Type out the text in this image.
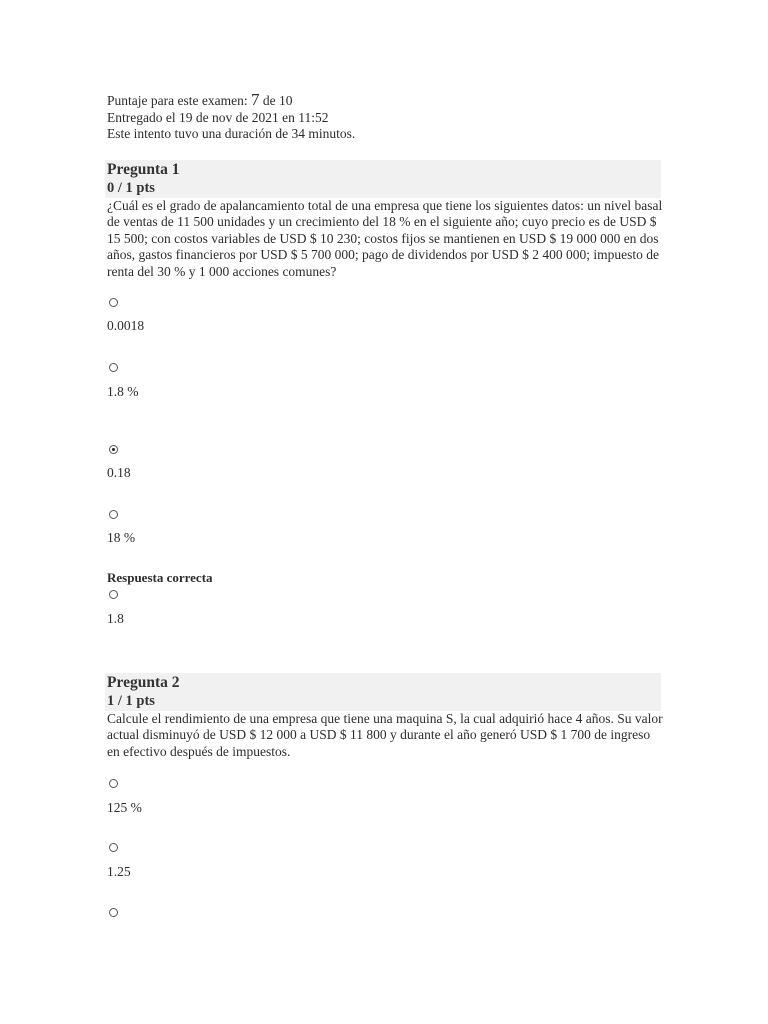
Puntaje para este examen: 7 de 10
Entregado el 19 de nov de 2021 en 11:52
Este intento tuvo una duración de 34 minutos.
Pregunta 1
0 / 1 pts
¿Cuál es el grado de apalancamiento total de una empresa que tiene los siguientes datos: un nivel basal de ventas de 11 500 unidades y un crecimiento del 18 % en el siguiente año; cuyo precio es de USD $ 15 500; con costos variables de USD $ 10 230; costos fijos se mantienen en USD $ 19 000 000 en dos años, gastos financieros por USD $ 5 700 000; pago de dividendos por USD $ 2 400 000; impuesto de renta del 30 % y 1 000 acciones comunes?
0.0018
1.8 %
0.18
18 %
Respuesta correcta
1.8
Pregunta 2
1 / 1 pts
Calcule el rendimiento de una empresa que tiene una maquina S, la cual adquirió hace 4 años. Su valor actual disminuyó de USD $ 12 000 a USD $ 11 800 y durante el año generó USD $ 1 700 de ingreso en efectivo después de impuestos.
125 %
1.25
